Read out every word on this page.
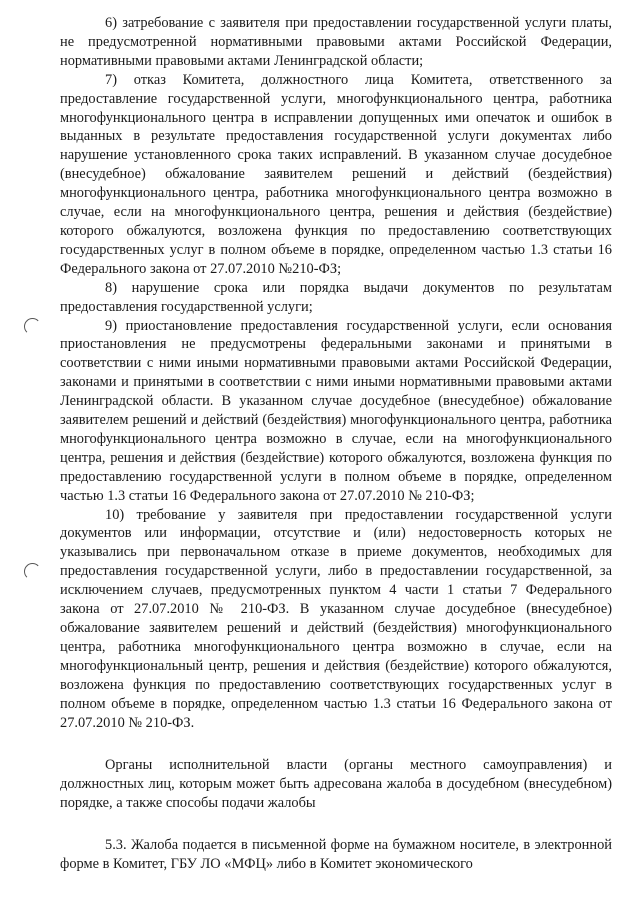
6) затребование с заявителя при предоставлении государственной услуги платы, не предусмотренной нормативными правовыми актами Российской Федерации, нормативными правовыми актами Ленинградской области;

7) отказ Комитета, должностного лица Комитета, ответственного за предоставление государственной услуги, многофункционального центра, работника многофункционального центра в исправлении допущенных ими опечаток и ошибок в выданных в результате предоставления государственной услуги документах либо нарушение установленного срока таких исправлений. В указанном случае досудебное (внесудебное) обжалование заявителем решений и действий (бездействия) многофункционального центра, работника многофункционального центра возможно в случае, если на многофункционального центра, решения и действия (бездействие) которого обжалуются, возложена функция по предоставлению соответствующих государственных услуг в полном объеме в порядке, определенном частью 1.3 статьи 16 Федерального закона от 27.07.2010 №210-ФЗ;

8) нарушение срока или порядка выдачи документов по результатам предоставления государственной услуги;

9) приостановление предоставления государственной услуги, если основания приостановления не предусмотрены федеральными законами и принятыми в соответствии с ними иными нормативными правовыми актами Российской Федерации, законами и принятыми в соответствии с ними иными нормативными правовыми актами Ленинградской области. В указанном случае досудебное (внесудебное) обжалование заявителем решений и действий (бездействия) многофункционального центра, работника многофункционального центра возможно в случае, если на многофункционального центра, решения и действия (бездействие) которого обжалуются, возложена функция по предоставлению государственной услуги в полном объеме в порядке, определенном частью 1.3 статьи 16 Федерального закона от 27.07.2010 № 210-ФЗ;

10) требование у заявителя при предоставлении государственной услуги документов или информации, отсутствие и (или) недостоверность которых не указывались при первоначальном отказе в приеме документов, необходимых для предоставления государственной услуги, либо в предоставлении государственной, за исключением случаев, предусмотренных пунктом 4 части 1 статьи 7 Федерального закона от 27.07.2010 № 210-ФЗ. В указанном случае досудебное (внесудебное) обжалование заявителем решений и действий (бездействия) многофункционального центра, работника многофункционального центра возможно в случае, если на многофункциональный центр, решения и действия (бездействие) которого обжалуются, возложена функция по предоставлению соответствующих государственных услуг в полном объеме в порядке, определенном частью 1.3 статьи 16 Федерального закона от 27.07.2010 № 210-ФЗ.

Органы исполнительной власти (органы местного самоуправления) и должностных лиц, которым может быть адресована жалоба в досудебном (внесудебном) порядке, а также способы подачи жалобы

5.3. Жалоба подается в письменной форме на бумажном носителе, в электронной форме в Комитет, ГБУ ЛО «МФЦ» либо в Комитет экономического
